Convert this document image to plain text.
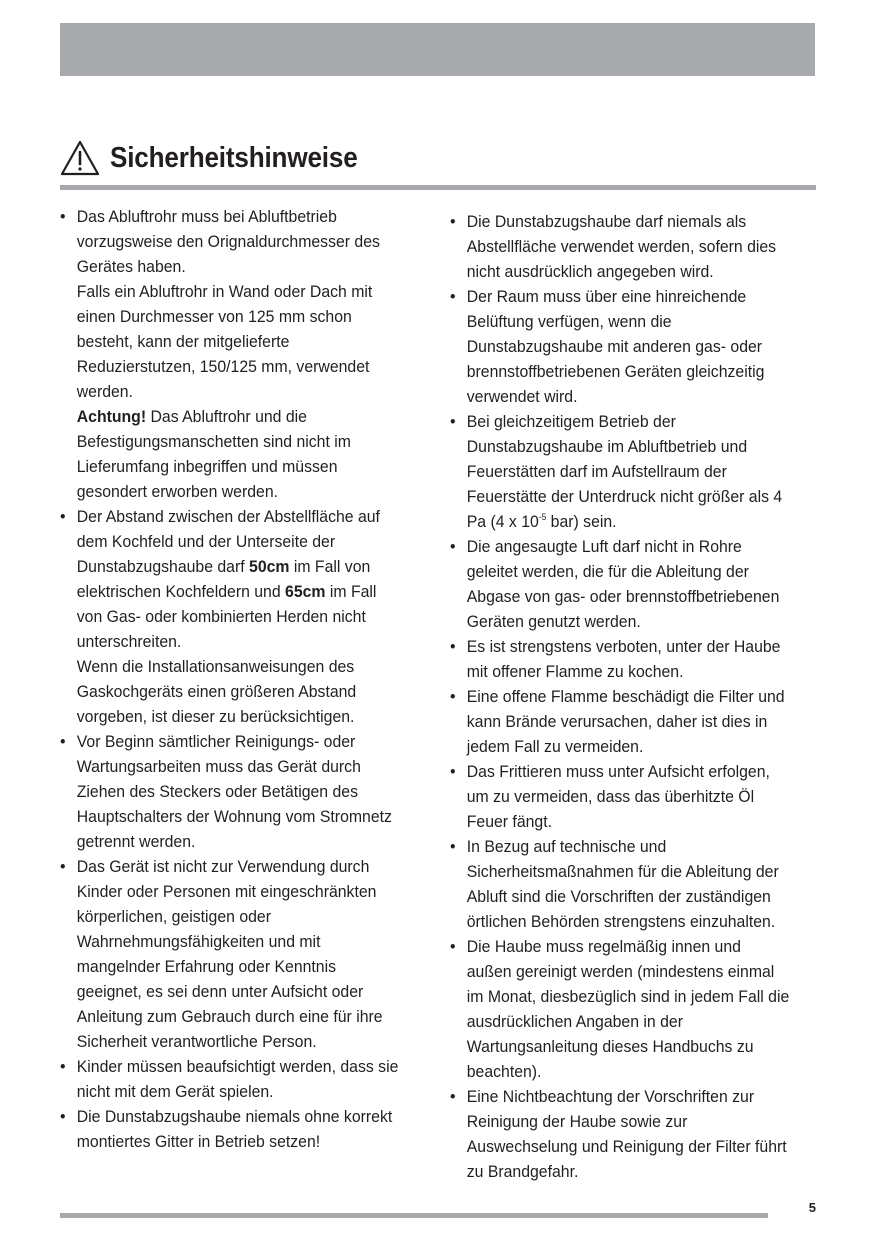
Sicherheitshinweise

• Das Abluftrohr muss bei Abluftbetrieb
vorzugsweise den Orignaldurchmesser des
Gerätes haben.
Falls ein Abluftrohr in Wand oder Dach mit
einen Durchmesser von 125 mm schon
besteht, kann der mitgelieferte
Reduzierstutzen, 150/125 mm, verwendet
werden.
Achtung! Das Abluftrohr und die
Befestigungsmanschetten sind nicht im
Lieferumfang inbegriffen und müssen
gesondert erworben werden.

• Der Abstand zwischen der Abstellfläche auf
dem Kochfeld und der Unterseite der
Dunstabzugshaube darf 50cm im Fall von
elektrischen Kochfeldern und 65cm im Fall
von Gas- oder kombinierten Herden nicht
unterschreiten.
Wenn die Installationsanweisungen des
Gaskochgeräts einen größeren Abstand
vorgeben, ist dieser zu berücksichtigen.

• Vor Beginn sämtlicher Reinigungs- oder
Wartungsarbeiten muss das Gerät durch
Ziehen des Steckers oder Betätigen des
Hauptschalters der Wohnung vom Stromnetz
getrennt werden.

• Das Gerät ist nicht zur Verwendung durch
Kinder oder Personen mit eingeschränkten
körperlichen, geistigen oder
Wahrnehmungsfähigkeiten und mit
mangelnder Erfahrung oder Kenntnis
geeignet, es sei denn unter Aufsicht oder
Anleitung zum Gebrauch durch eine für ihre
Sicherheit verantwortliche Person.

• Kinder müssen beaufsichtigt werden, dass sie
nicht mit dem Gerät spielen.

• Die Dunstabzugshaube niemals ohne korrekt
montiertes Gitter in Betrieb setzen!

• Die Dunstabzugshaube darf niemals als
Abstellfläche verwendet werden, sofern dies
nicht ausdrücklich angegeben wird.

• Der Raum muss über eine hinreichende
Belüftung verfügen, wenn die
Dunstabzugshaube mit anderen gas- oder
brennstoffbetriebenen Geräten gleichzeitig
verwendet wird.

• Bei gleichzeitigem Betrieb der
Dunstabzugshaube im Abluftbetrieb und
Feuerstätten darf im Aufstellraum der
Feuerstätte der Unterdruck nicht größer als 4
Pa (4 x $10^{-5}$ bar) sein.

• Die angesaugte Luft darf nicht in Rohre
geleitet werden, die für die Ableitung der
Abgase von gas- oder brennstoffbetriebenen
Geräten genutzt werden.

• Es ist strengstens verboten, unter der Haube
mit offener Flamme zu kochen.

• Eine offene Flamme beschädigt die Filter und
kann Brände verursachen, daher ist dies in
jedem Fall zu vermeiden.

• Das Frittieren muss unter Aufsicht erfolgen,
um zu vermeiden, dass das überhitzte Öl
Feuer fängt.

• In Bezug auf technische und
Sicherheitsmaßnahmen für die Ableitung der
Abluft sind die Vorschriften der zuständigen
örtlichen Behörden strengstens einzuhalten.

• Die Haube muss regelmäßig innen und
außen gereinigt werden (mindestens einmal
im Monat, diesbezüglich sind in jedem Fall die
ausdrücklichen Angaben in der
Wartungsanleitung dieses Handbuchs zu
beachten).

• Eine Nichtbeachtung der Vorschriften zur
Reinigung der Haube sowie zur
Auswechselung und Reinigung der Filter führt
zu Brandgefahr.

5
